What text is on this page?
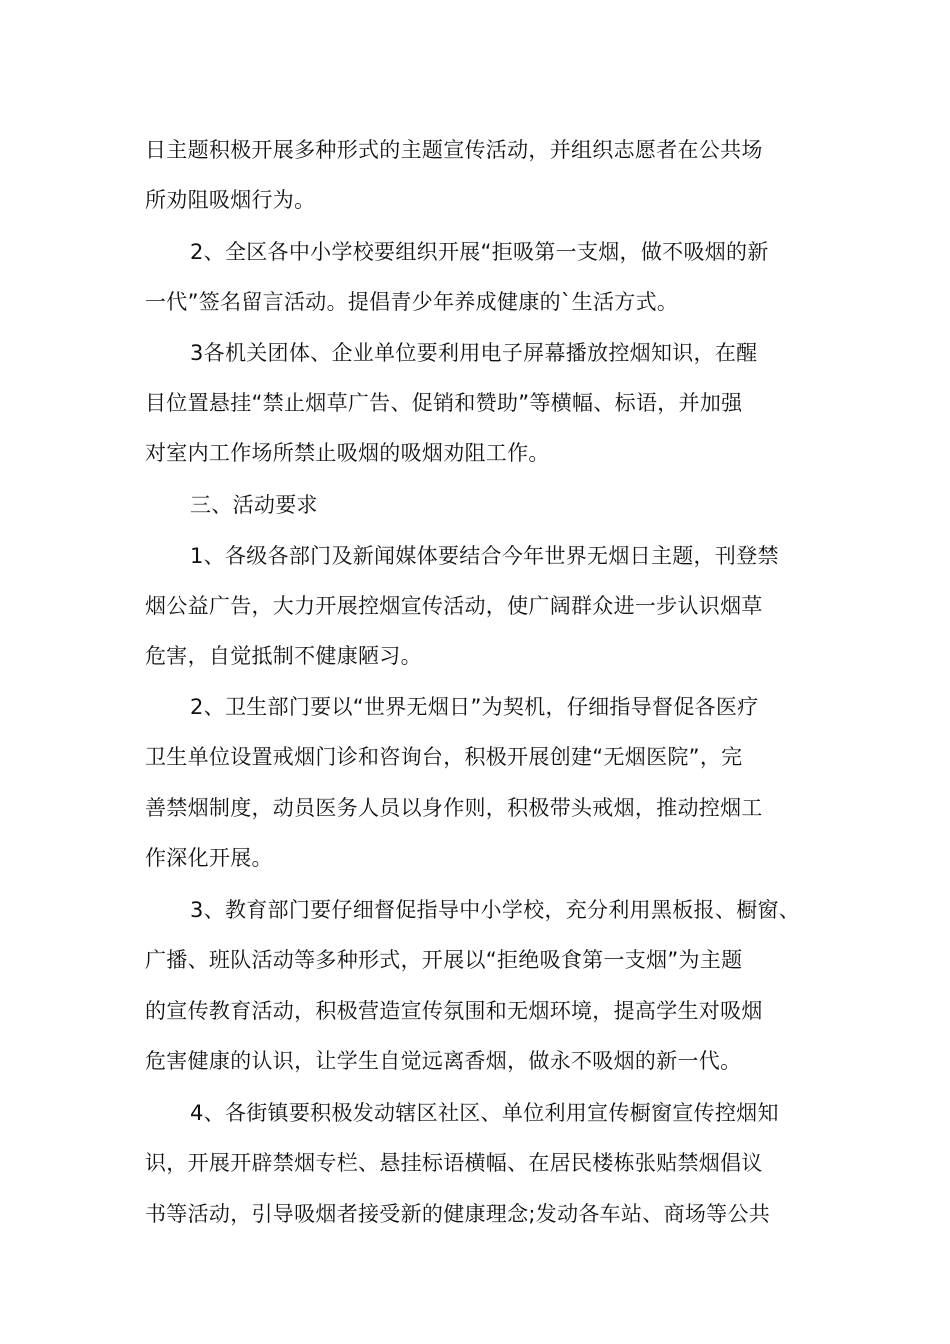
日主题积极开展多种形式的主题宣传活动，并组织志愿者在公共场
所劝阻吸烟行为。
2、全区各中小学校要组织开展“拒吸第一支烟，做不吸烟的新
一代”签名留言活动。提倡青少年养成健康的`生活方式。
3各机关团体、企业单位要利用电子屏幕播放控烟知识，在醒
目位置悬挂“禁止烟草广告、促销和赞助”等横幅、标语，并加强
对室内工作场所禁止吸烟的吸烟劝阻工作。
三、活动要求
1、各级各部门及新闻媒体要结合今年世界无烟日主题，刊登禁
烟公益广告，大力开展控烟宣传活动，使广阔群众进一步认识烟草
危害，自觉抵制不健康陋习。
2、卫生部门要以“世界无烟日”为契机，仔细指导督促各医疗
卫生单位设置戒烟门诊和咨询台，积极开展创建“无烟医院”，完
善禁烟制度，动员医务人员以身作则，积极带头戒烟，推动控烟工
作深化开展。
3、教育部门要仔细督促指导中小学校，充分利用黑板报、橱窗、
广播、班队活动等多种形式，开展以“拒绝吸食第一支烟”为主题
的宣传教育活动，积极营造宣传氛围和无烟环境，提高学生对吸烟
危害健康的认识，让学生自觉远离香烟，做永不吸烟的新一代。
4、各街镇要积极发动辖区社区、单位利用宣传橱窗宣传控烟知
识，开展开辟禁烟专栏、悬挂标语横幅、在居民楼栋张贴禁烟倡议
书等活动，引导吸烟者接受新的健康理念;发动各车站、商场等公共
